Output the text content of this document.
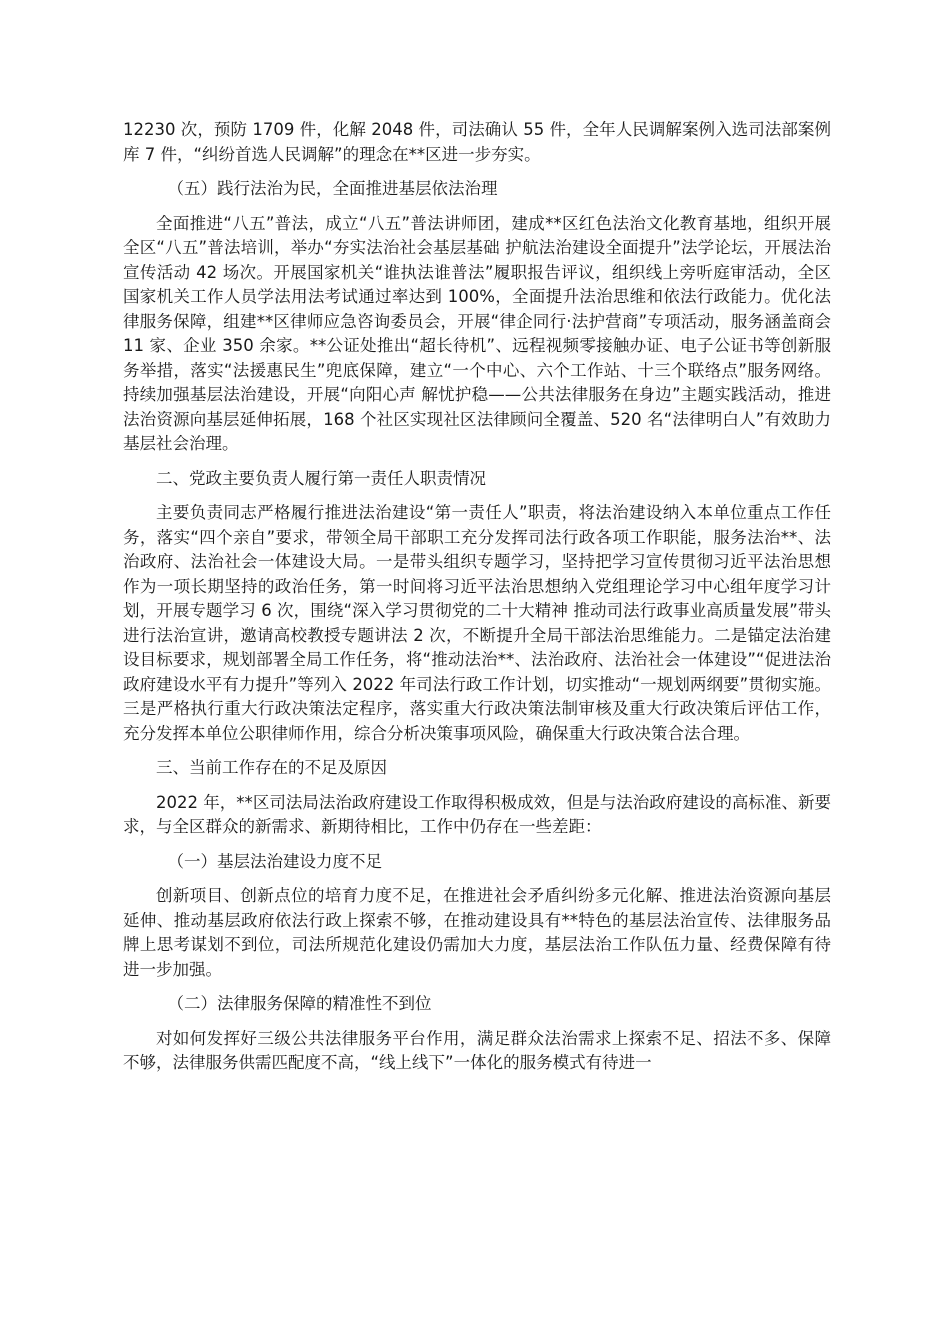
12230 次，预防 1709 件，化解 2048 件，司法确认 55 件，全年人民调解案例入选司法部案例库 7 件，“纠纷首选人民调解”的理念在**区进一步夯实。

（五）践行法治为民，全面推进基层依法治理

全面推进“八五”普法，成立“八五”普法讲师团，建成**区红色法治文化教育基地，组织开展全区“八五”普法培训，举办“夯实法治社会基层基础 护航法治建设全面提升”法学论坛，开展法治宣传活动 42 场次。开展国家机关“谁执法谁普法”履职报告评议，组织线上旁听庭审活动，全区国家机关工作人员学法用法考试通过率达到 100%，全面提升法治思维和依法行政能力。优化法律服务保障，组建**区律师应急咨询委员会，开展“律企同行·法护营商”专项活动，服务涵盖商会 11 家、企业 350 余家。**公证处推出“超长待机”、远程视频零接触办证、电子公证书等创新服务举措，落实“法援惠民生”兜底保障，建立“一个中心、六个工作站、十三个联络点”服务网络。持续加强基层法治建设，开展“向阳心声 解忧护稳——公共法律服务在身边”主题实践活动，推进法治资源向基层延伸拓展，168 个社区实现社区法律顾问全覆盖、520 名“法律明白人”有效助力基层社会治理。

二、党政主要负责人履行第一责任人职责情况

主要负责同志严格履行推进法治建设“第一责任人”职责，将法治建设纳入本单位重点工作任务，落实“四个亲自”要求，带领全局干部职工充分发挥司法行政各项工作职能，服务法治**、法治政府、法治社会一体建设大局。一是带头组织专题学习，坚持把学习宣传贯彻习近平法治思想作为一项长期坚持的政治任务，第一时间将习近平法治思想纳入党组理论学习中心组年度学习计划，开展专题学习 6 次，围绕“深入学习贯彻党的二十大精神 推动司法行政事业高质量发展”带头进行法治宣讲，邀请高校教授专题讲法 2 次，不断提升全局干部法治思维能力。二是锚定法治建设目标要求，规划部署全局工作任务，将“推动法治**、法治政府、法治社会一体建设”“促进法治政府建设水平有力提升”等列入 2022 年司法行政工作计划，切实推动“一规划两纲要”贯彻实施。三是严格执行重大行政决策法定程序，落实重大行政决策法制审核及重大行政决策后评估工作，充分发挥本单位公职律师作用，综合分析决策事项风险，确保重大行政决策合法合理。

三、当前工作存在的不足及原因

2022 年，**区司法局法治政府建设工作取得积极成效，但是与法治政府建设的高标准、新要求，与全区群众的新需求、新期待相比，工作中仍存在一些差距：

（一）基层法治建设力度不足

创新项目、创新点位的培育力度不足，在推进社会矛盾纠纷多元化解、推进法治资源向基层延伸、推动基层政府依法行政上探索不够，在推动建设具有**特色的基层法治宣传、法律服务品牌上思考谋划不到位，司法所规范化建设仍需加大力度，基层法治工作队伍力量、经费保障有待进一步加强。

（二）法律服务保障的精准性不到位

对如何发挥好三级公共法律服务平台作用，满足群众法治需求上探索不足、招法不多、保障不够，法律服务供需匹配度不高，“线上线下”一体化的服务模式有待进一
